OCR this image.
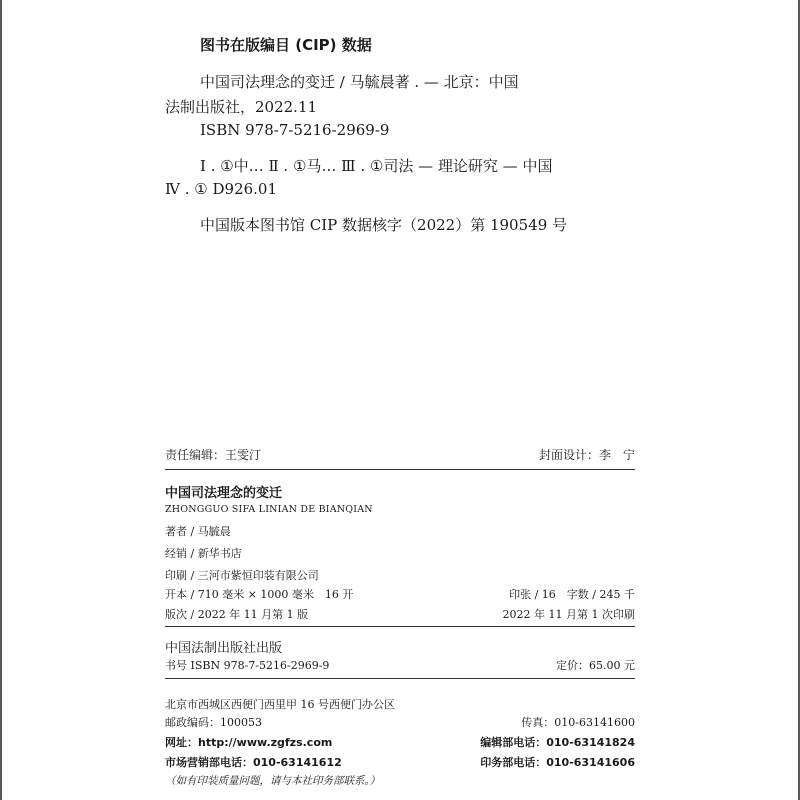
图书在版编目 (CIP) 数据
中国司法理念的变迁 / 马毓晨著 . — 北京：中国
法制出版社，2022.11
ISBN 978-7-5216-2969-9
Ⅰ . ①中… Ⅱ . ①马… Ⅲ . ①司法 — 理论研究 — 中国
Ⅳ . ① D926.01
中国版本图书馆 CIP 数据核字（2022）第 190549 号
责任编辑：王雯汀	封面设计：李　宁
中国司法理念的变迁
ZHONGGUO SIFA LINIAN DE BIANQIAN
著者 / 马毓晨
经销 / 新华书店
印刷 / 三河市紫恒印装有限公司
开本 / 710 毫米 × 1000 毫米　16 开	印张 / 16　字数 / 245 千
版次 / 2022 年 11 月第 1 版	2022 年 11 月第 1 次印刷
中国法制出版社出版
书号 ISBN 978-7-5216-2969-9	定价：65.00 元
北京市西城区西便门西里甲 16 号西便门办公区
邮政编码：100053	传真：010-63141600
网址：http://www.zgfzs.com	编辑部电话：010-63141824
市场营销部电话：010-63141612	印务部电话：010-63141606
（如有印装质量问题，请与本社印务部联系。）
